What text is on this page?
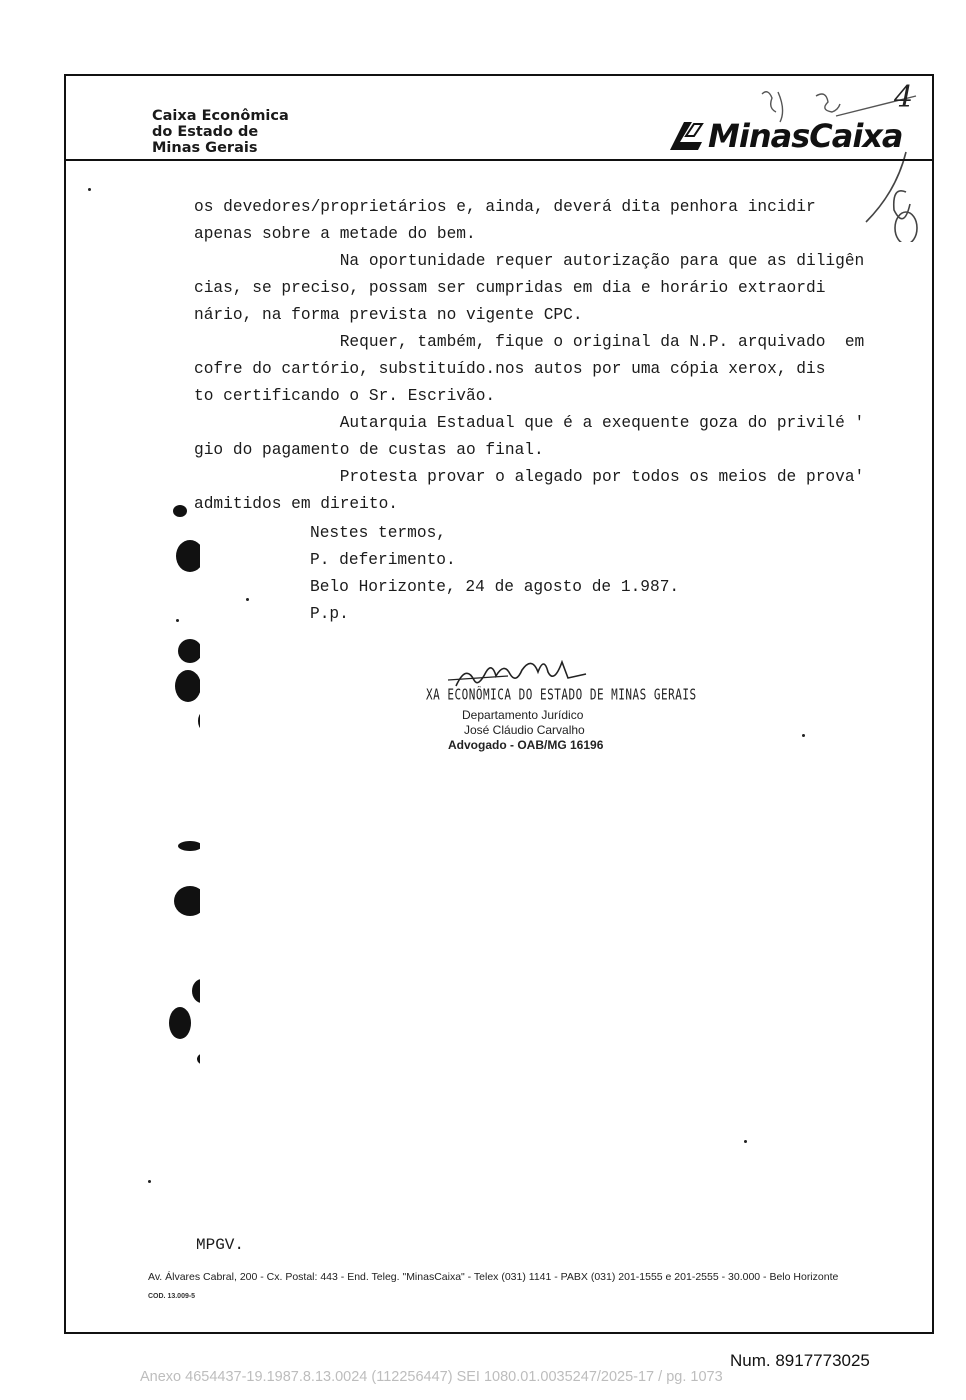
Caixa Econômica
do Estado de
Minas Gerais	MinasCaixa
4

os devedores/proprietários e, ainda, deverá dita penhora incidir

apenas sobre a metade do bem.

Na oportunidade requer autorização para que as diligên

cias, se preciso, possam ser cumpridas em dia e horário extraordi

nário, na forma prevista no vigente CPC.

Requer, também, fique o original da N.P. arquivado  em

cofre do cartório, substituído.nos autos por uma cópia xerox, dis

to certificando o Sr. Escrivão.

Autarquia Estadual que é a exequente goza do privilé '

gio do pagamento de custas ao final.

Protesta provar o alegado por todos os meios de prova'

admitidos em direito.

Nestes termos,
P. deferimento.
Belo Horizonte, 24 de agosto de 1.987.
P.p.
XA ECONÔMICA DO ESTADO DE MINAS GERAIS
Departamento Jurídico
José Cláudio Carvalho
Advogado - OAB/MG 16196
MPGV.
Av. Álvares Cabral, 200 - Cx. Postal: 443 - End. Teleg. "MinasCaixa" - Telex (031) 1141 - PABX (031) 201-1555 e 201-2555 - 30.000 - Belo Horizonte
COD. 13.009-5
Num. 8917773025
Anexo 4654437-19.1987.8.13.0024 (112256447) SEI 1080.01.0035247/2025-17 / pg. 1073
